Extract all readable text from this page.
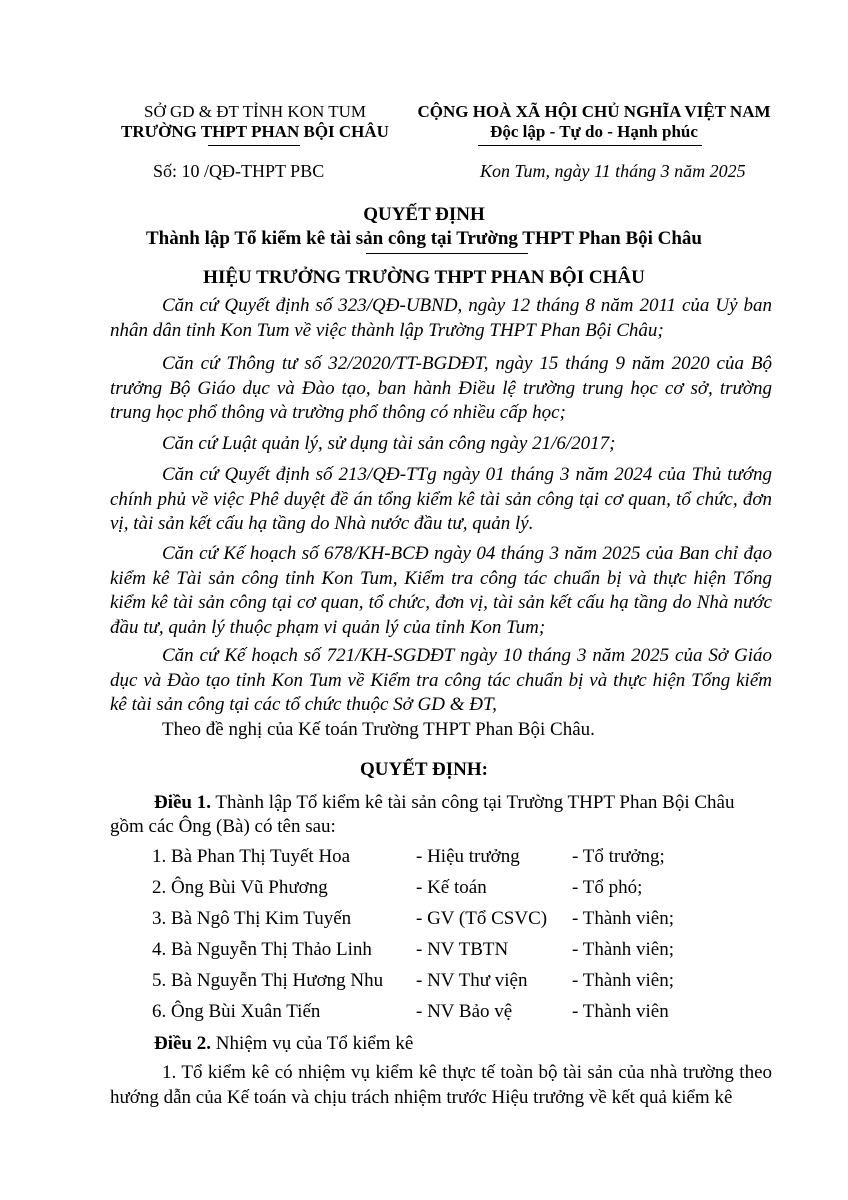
SỞ GD & ĐT TỈNH KON TUM
TRƯỜNG THPT PHAN BỘI CHÂU
CỘNG HOÀ XÃ HỘI CHỦ NGHĨA VIỆT NAM
Độc lập - Tự do - Hạnh phúc
Số: 10 /QĐ-THPT PBC	Kon Tum, ngày 11 tháng 3 năm 2025
QUYẾT ĐỊNH
Thành lập Tổ kiểm kê tài sản công tại Trường THPT Phan Bội Châu
HIỆU TRƯỞNG TRƯỜNG THPT PHAN BỘI CHÂU
Căn cứ Quyết định số 323/QĐ-UBND, ngày 12 tháng 8 năm 2011 của Uỷ ban nhân dân tỉnh Kon Tum về việc thành lập Trường THPT Phan Bội Châu;
Căn cứ Thông tư số 32/2020/TT-BGDĐT, ngày 15 tháng 9 năm 2020 của Bộ trưởng Bộ Giáo dục và Đào tạo, ban hành Điều lệ trường trung học cơ sở, trường trung học phổ thông và trường phổ thông có nhiều cấp học;
Căn cứ Luật quản lý, sử dụng tài sản công ngày 21/6/2017;
Căn cứ Quyết định số 213/QĐ-TTg ngày 01 tháng 3 năm 2024 của Thủ tướng chính phủ về việc Phê duyệt đề án tổng kiểm kê tài sản công tại cơ quan, tổ chức, đơn vị, tài sản kết cấu hạ tầng do Nhà nước đầu tư, quản lý.
Căn cứ Kế hoạch số 678/KH-BCĐ ngày 04 tháng 3 năm 2025 của Ban chỉ đạo kiểm kê Tài sản công tỉnh Kon Tum, Kiểm tra công tác chuẩn bị và thực hiện Tổng kiểm kê tài sản công tại cơ quan, tổ chức, đơn vị, tài sản kết cấu hạ tầng do Nhà nước đầu tư, quản lý thuộc phạm vi quản lý của tỉnh Kon Tum;
Căn cứ Kế hoạch số 721/KH-SGDĐT ngày 10 tháng 3 năm 2025 của Sở Giáo dục và Đào tạo tỉnh Kon Tum về Kiểm tra công tác chuẩn bị và thực hiện Tổng kiểm kê tài sản công tại các tổ chức thuộc Sở GD & ĐT,
Theo đề nghị của Kế toán Trường THPT Phan Bội Châu.
QUYẾT ĐỊNH:
Điều 1. Thành lập Tổ kiểm kê tài sản công tại Trường THPT Phan Bội Châu
gồm các Ông (Bà) có tên sau:
1. Bà Phan Thị Tuyết Hoa	- Hiệu trưởng	- Tổ trưởng;
2. Ông Bùi Vũ Phương	- Kế toán	- Tổ phó;
3. Bà Ngô Thị Kim Tuyến	- GV (Tổ CSVC) - Thành viên;
4. Bà Nguyễn Thị Thảo Linh - NV TBTN	- Thành viên;
5. Bà Nguyễn Thị Hương Nhu - NV Thư viện - Thành viên;
6. Ông Bùi Xuân Tiến	- NV Bảo vệ	- Thành viên
Điều 2. Nhiệm vụ của Tổ kiểm kê
1. Tổ kiểm kê có nhiệm vụ kiểm kê thực tế toàn bộ tài sản của nhà trường theo hướng dẫn của Kế toán và chịu trách nhiệm trước Hiệu trưởng về kết quả kiểm kê
